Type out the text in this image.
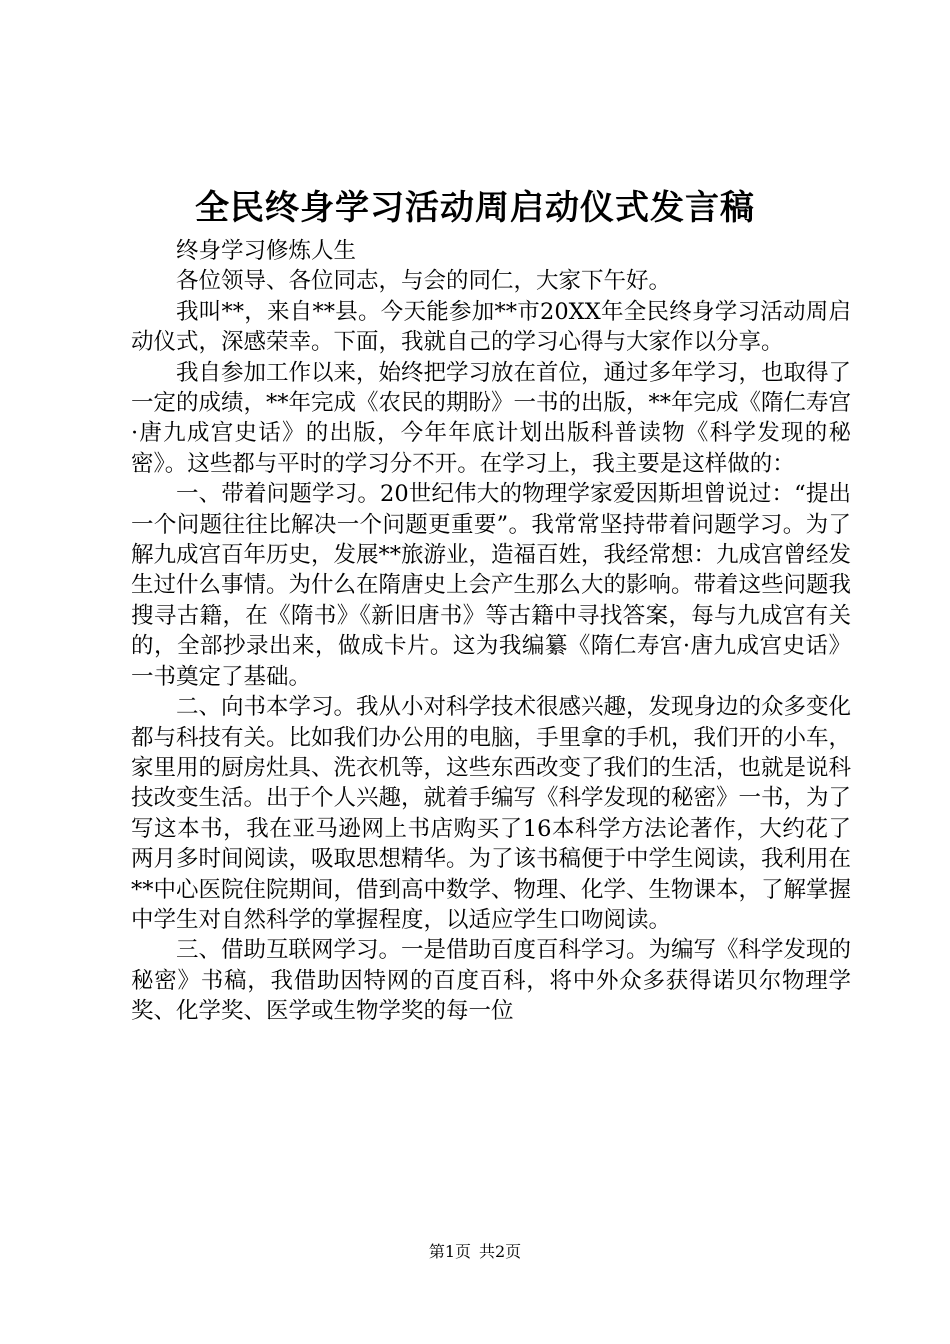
全民终身学习活动周启动仪式发言稿

终身学习修炼人生

各位领导、各位同志，与会的同仁，大家下午好。

我叫**，来自**县。今天能参加**市20XX年全民终身学习活动周启动仪式，深感荣幸。下面，我就自己的学习心得与大家作以分享。

我自参加工作以来，始终把学习放在首位，通过多年学习，也取得了一定的成绩，**年完成《农民的期盼》一书的出版，**年完成《隋仁寿宫·唐九成宫史话》的出版，今年年底计划出版科普读物《科学发现的秘密》。这些都与平时的学习分不开。在学习上，我主要是这样做的：

一、带着问题学习。20世纪伟大的物理学家爱因斯坦曾说过：“提出一个问题往往比解决一个问题更重要”。我常常坚持带着问题学习。为了解九成宫百年历史，发展**旅游业，造福百姓，我经常想：九成宫曾经发生过什么事情。为什么在隋唐史上会产生那么大的影响。带着这些问题我搜寻古籍，在《隋书》《新旧唐书》等古籍中寻找答案，每与九成宫有关的，全部抄录出来，做成卡片。这为我编纂《隋仁寿宫·唐九成宫史话》一书奠定了基础。

二、向书本学习。我从小对科学技术很感兴趣，发现身边的众多变化都与科技有关。比如我们办公用的电脑，手里拿的手机，我们开的小车，家里用的厨房灶具、洗衣机等，这些东西改变了我们的生活，也就是说科技改变生活。出于个人兴趣，就着手编写《科学发现的秘密》一书，为了写这本书，我在亚马逊网上书店购买了16本科学方法论著作，大约花了两月多时间阅读，吸取思想精华。为了该书稿便于中学生阅读，我利用在**中心医院住院期间，借到高中数学、物理、化学、生物课本，了解掌握中学生对自然科学的掌握程度，以适应学生口吻阅读。

三、借助互联网学习。一是借助百度百科学习。为编写《科学发现的秘密》书稿，我借助因特网的百度百科，将中外众多获得诺贝尔物理学奖、化学奖、医学或生物学奖的每一位

第1页 共2页
